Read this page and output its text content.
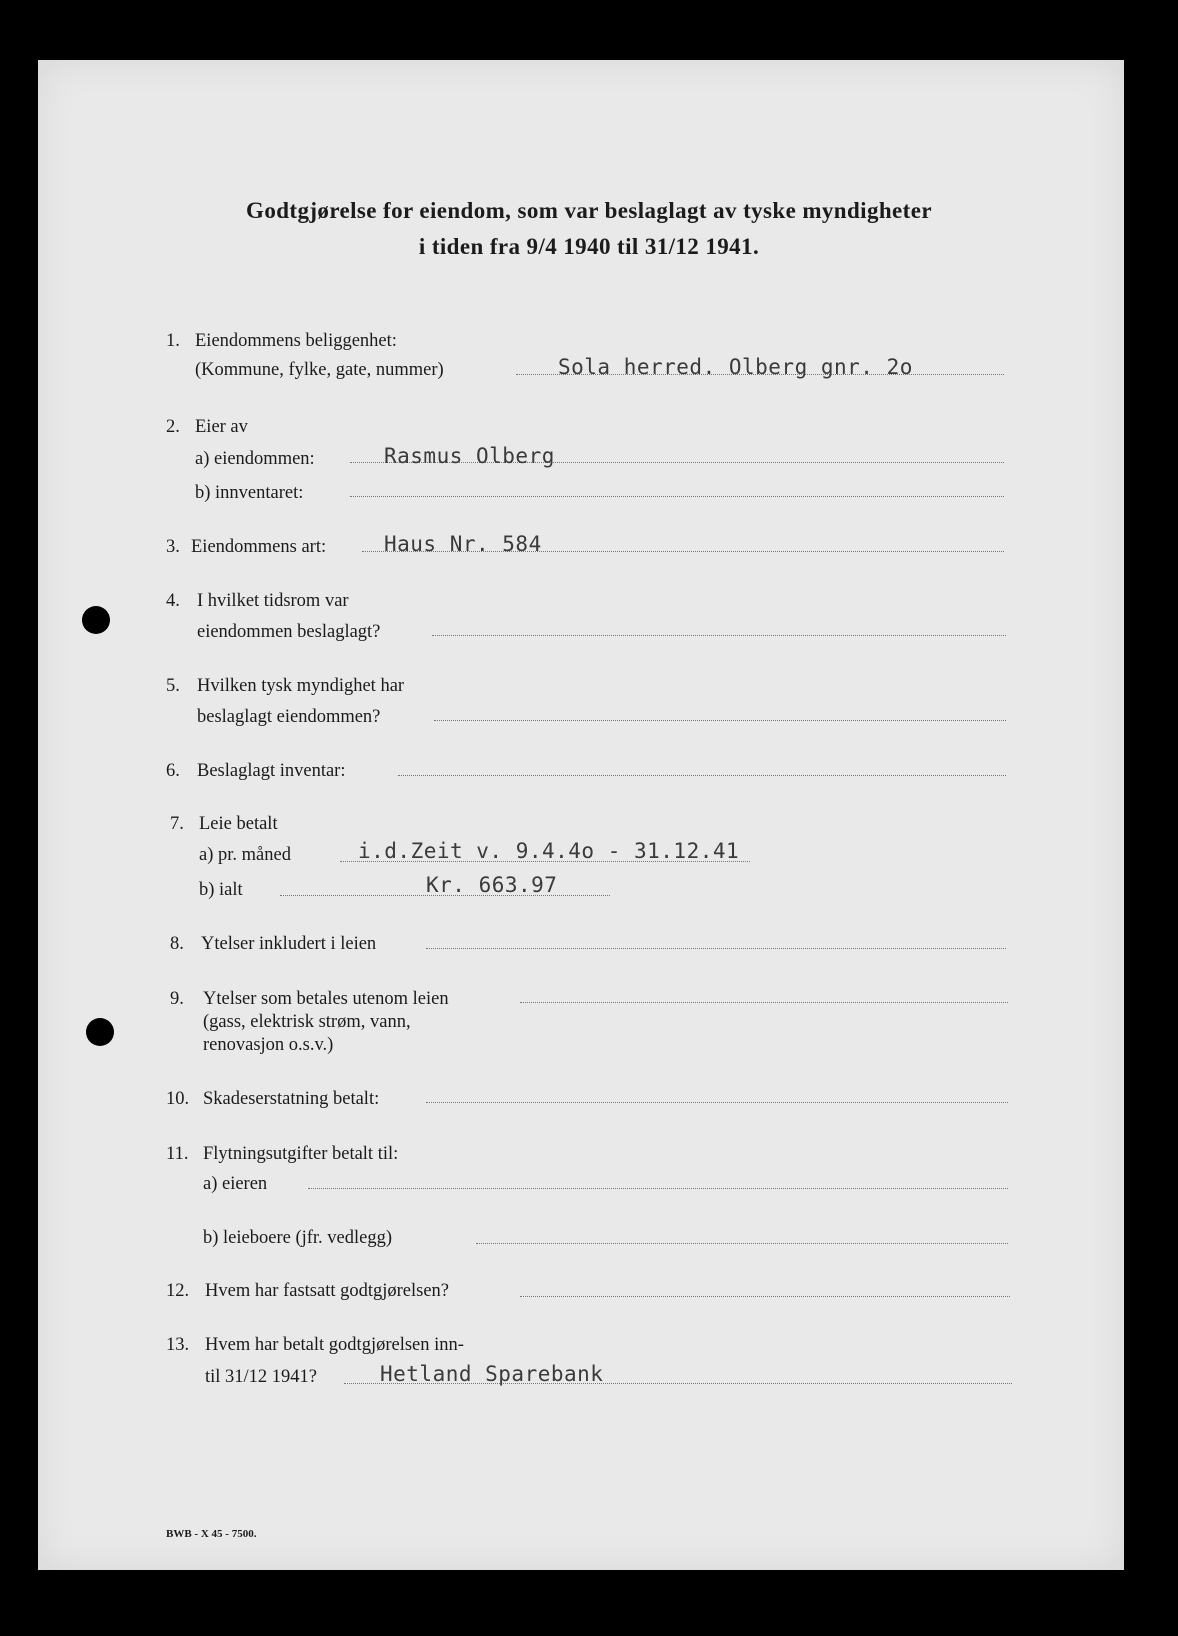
Godtgjørelse for eiendom, som var beslaglagt av tyske myndigheter
i tiden fra 9/4 1940 til 31/12 1941.
1. Eiendommens beliggenhet:
(Kommune, fylke, gate, nummer)	Sola herred. Olberg gnr. 2o
2. Eier av
a) eiendommen:	Rasmus Olberg
b) innventaret:
3. Eiendommens art:	Haus Nr. 584
4. I hvilket tidsrom var
eiendommen beslaglagt?
5. Hvilken tysk myndighet har
beslaglagt eiendommen?
6. Beslaglagt inventar:
7. Leie betalt
a) pr. måned	i.d.Zeit v. 9.4.4o - 31.12.41
b) ialt	Kr. 663.97
8. Ytelser inkludert i leien
9. Ytelser som betales utenom leien
(gass, elektrisk strøm, vann,
renovasjon o.s.v.)
10. Skadeserstatning betalt:
11. Flytningsutgifter betalt til:
a) eieren
b) leieboere (jfr. vedlegg)
12. Hvem har fastsatt godtgjørelsen?
13. Hvem har betalt godtgjørelsen inn-
til 31/12 1941?	Hetland Sparebank
BWB - X 45 - 7500.
